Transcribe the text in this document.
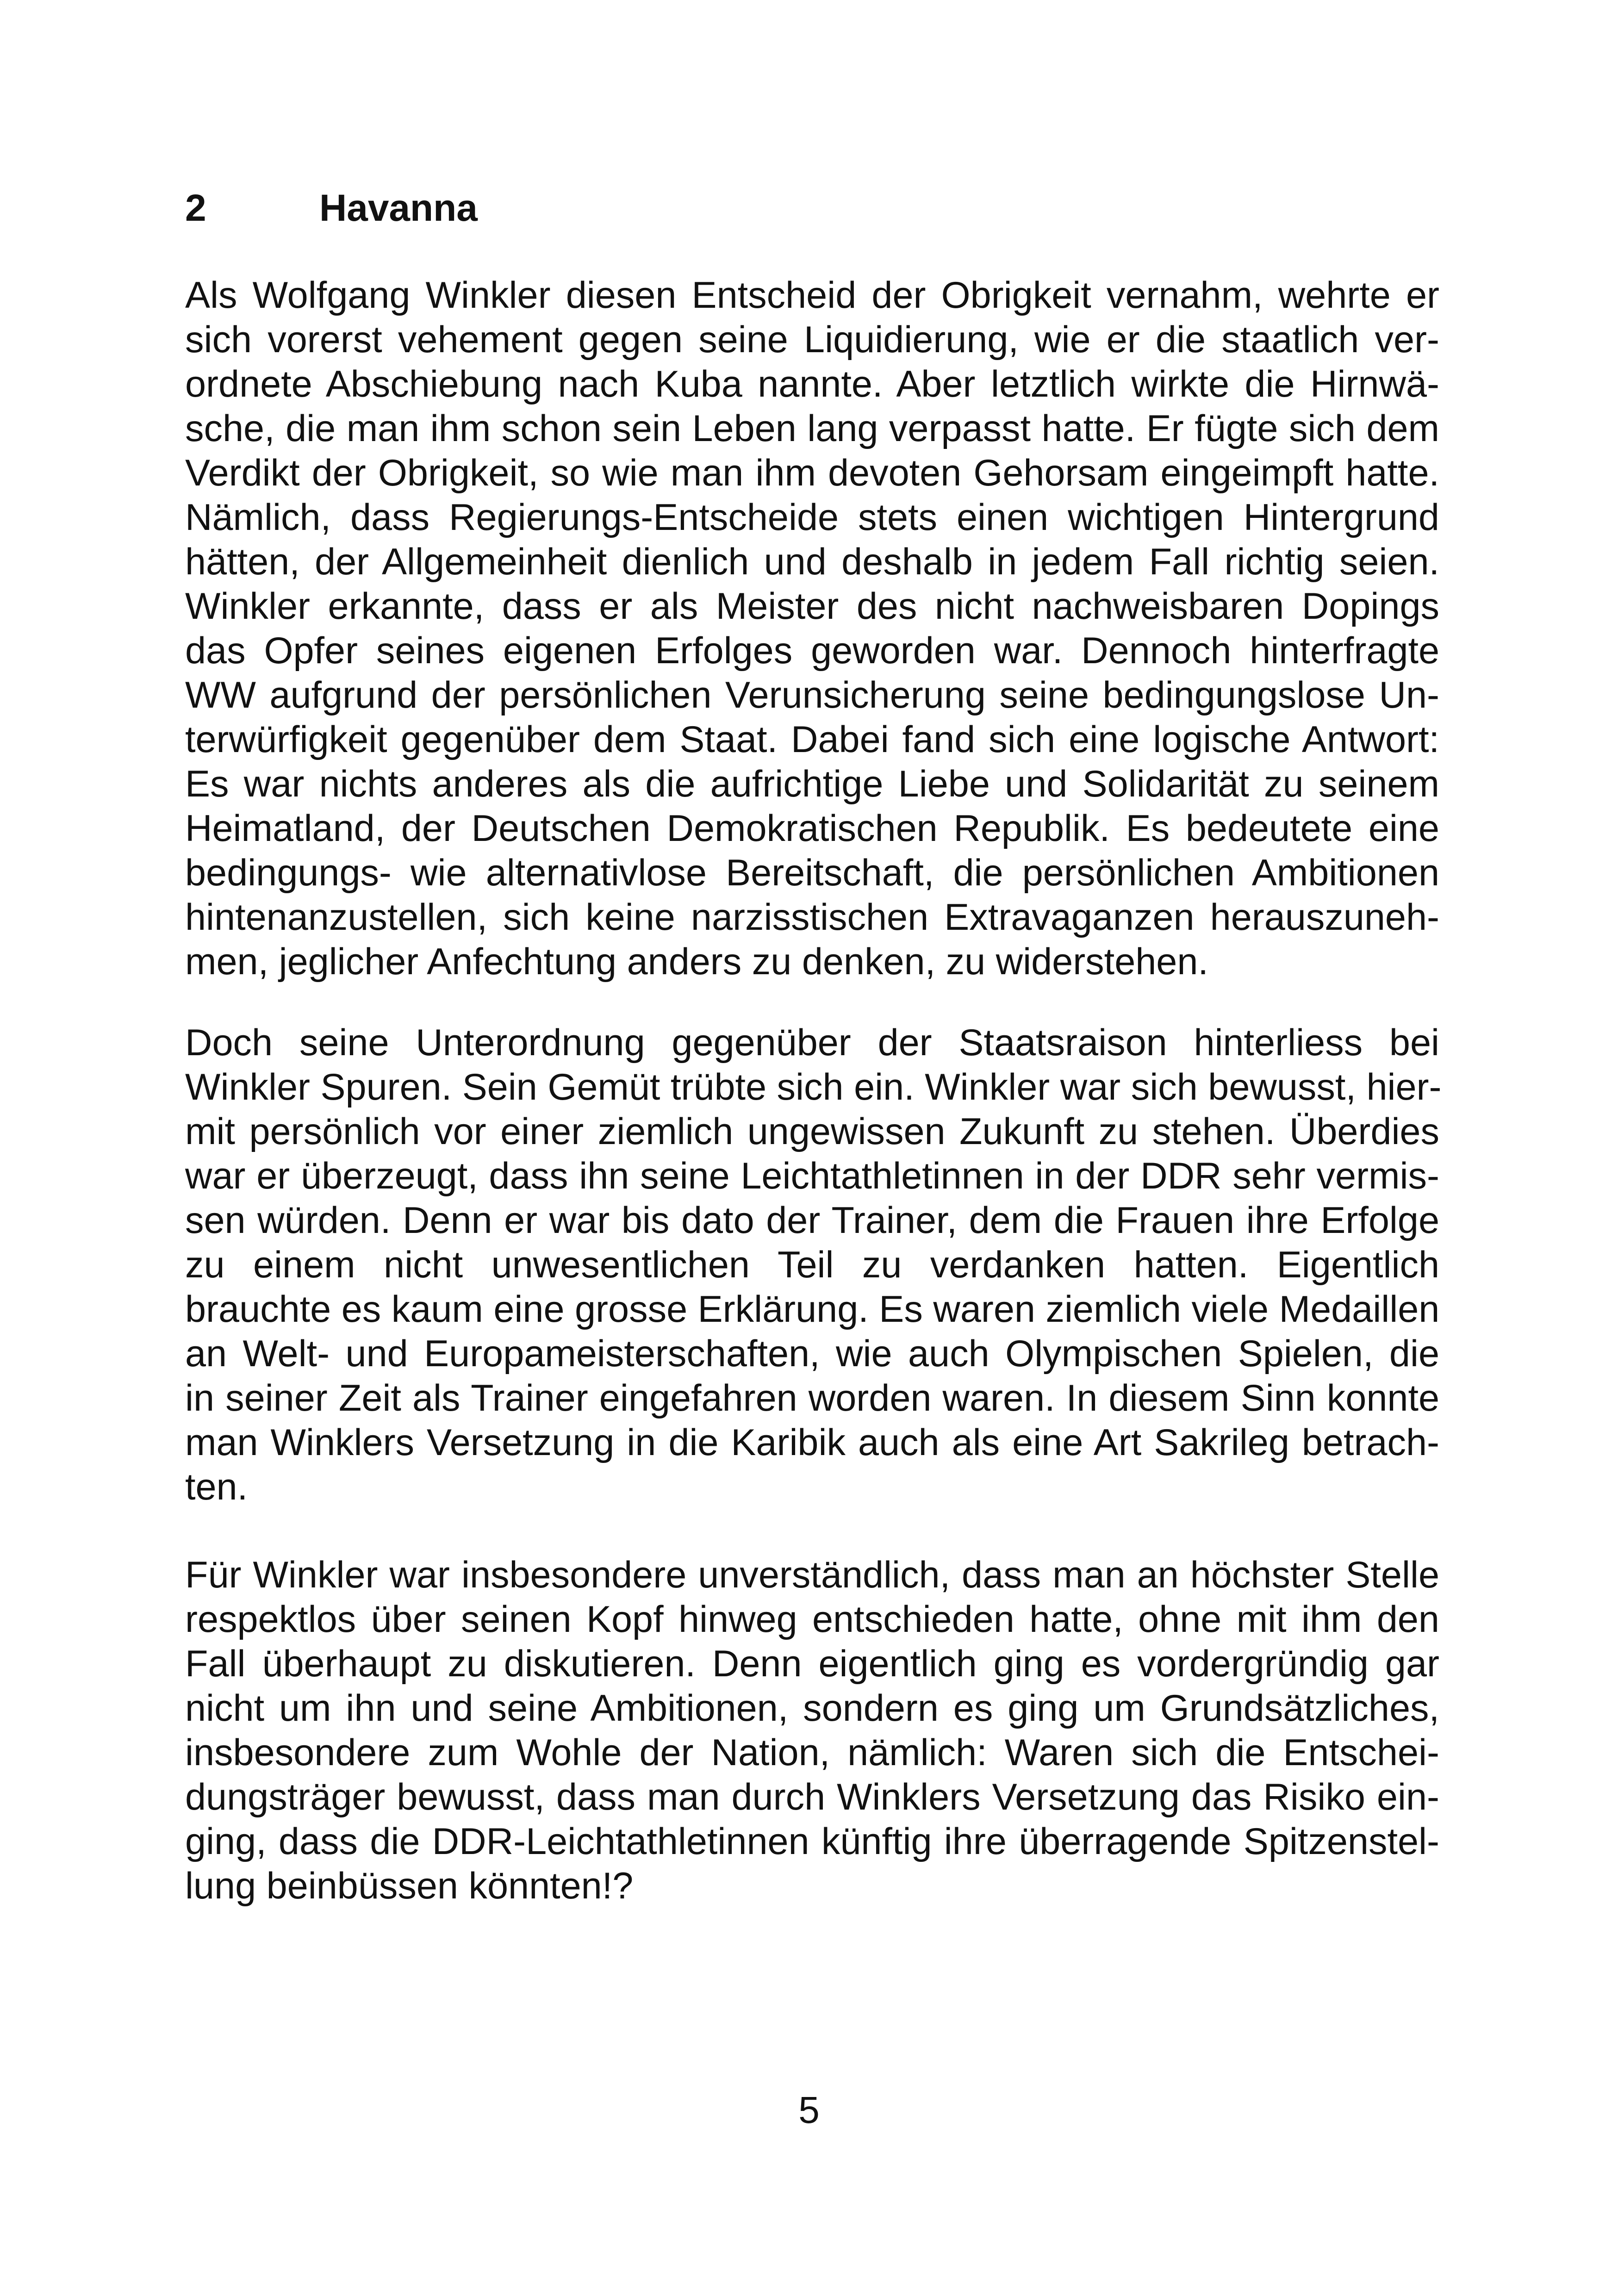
2	Havanna
Als Wolfgang Winkler diesen Entscheid der Obrigkeit vernahm, wehrte er
sich vorerst vehement gegen seine Liquidierung, wie er die staatlich ver-
ordnete Abschiebung nach Kuba nannte. Aber letztlich wirkte die Hirnwä-
sche, die man ihm schon sein Leben lang verpasst hatte. Er fügte sich dem
Verdikt der Obrigkeit, so wie man ihm devoten Gehorsam eingeimpft hatte.
Nämlich, dass Regierungs-Entscheide stets einen wichtigen Hintergrund
hätten, der Allgemeinheit dienlich und deshalb in jedem Fall richtig seien.
Winkler erkannte, dass er als Meister des nicht nachweisbaren Dopings
das Opfer seines eigenen Erfolges geworden war. Dennoch hinterfragte
WW aufgrund der persönlichen Verunsicherung seine bedingungslose Un-
terwürfigkeit gegenüber dem Staat. Dabei fand sich eine logische Antwort:
Es war nichts anderes als die aufrichtige Liebe und Solidarität zu seinem
Heimatland, der Deutschen Demokratischen Republik. Es bedeutete eine
bedingungs- wie alternativlose Bereitschaft, die persönlichen Ambitionen
hintenanzustellen, sich keine narzisstischen Extravaganzen herauszuneh-
men, jeglicher Anfechtung anders zu denken, zu widerstehen.
Doch seine Unterordnung gegenüber der Staatsraison hinterliess bei
Winkler Spuren. Sein Gemüt trübte sich ein. Winkler war sich bewusst, hier-
mit persönlich vor einer ziemlich ungewissen Zukunft zu stehen. Überdies
war er überzeugt, dass ihn seine Leichtathletinnen in der DDR sehr vermis-
sen würden. Denn er war bis dato der Trainer, dem die Frauen ihre Erfolge
zu einem nicht unwesentlichen Teil zu verdanken hatten. Eigentlich
brauchte es kaum eine grosse Erklärung. Es waren ziemlich viele Medaillen
an Welt- und Europameisterschaften, wie auch Olympischen Spielen, die
in seiner Zeit als Trainer eingefahren worden waren. In diesem Sinn konnte
man Winklers Versetzung in die Karibik auch als eine Art Sakrileg betrach-
ten.
Für Winkler war insbesondere unverständlich, dass man an höchster Stelle
respektlos über seinen Kopf hinweg entschieden hatte, ohne mit ihm den
Fall überhaupt zu diskutieren. Denn eigentlich ging es vordergründig gar
nicht um ihn und seine Ambitionen, sondern es ging um Grundsätzliches,
insbesondere zum Wohle der Nation, nämlich: Waren sich die Entschei-
dungsträger bewusst, dass man durch Winklers Versetzung das Risiko ein-
ging, dass die DDR-Leichtathletinnen künftig ihre überragende Spitzenstel-
lung beinbüssen könnten!?
5
